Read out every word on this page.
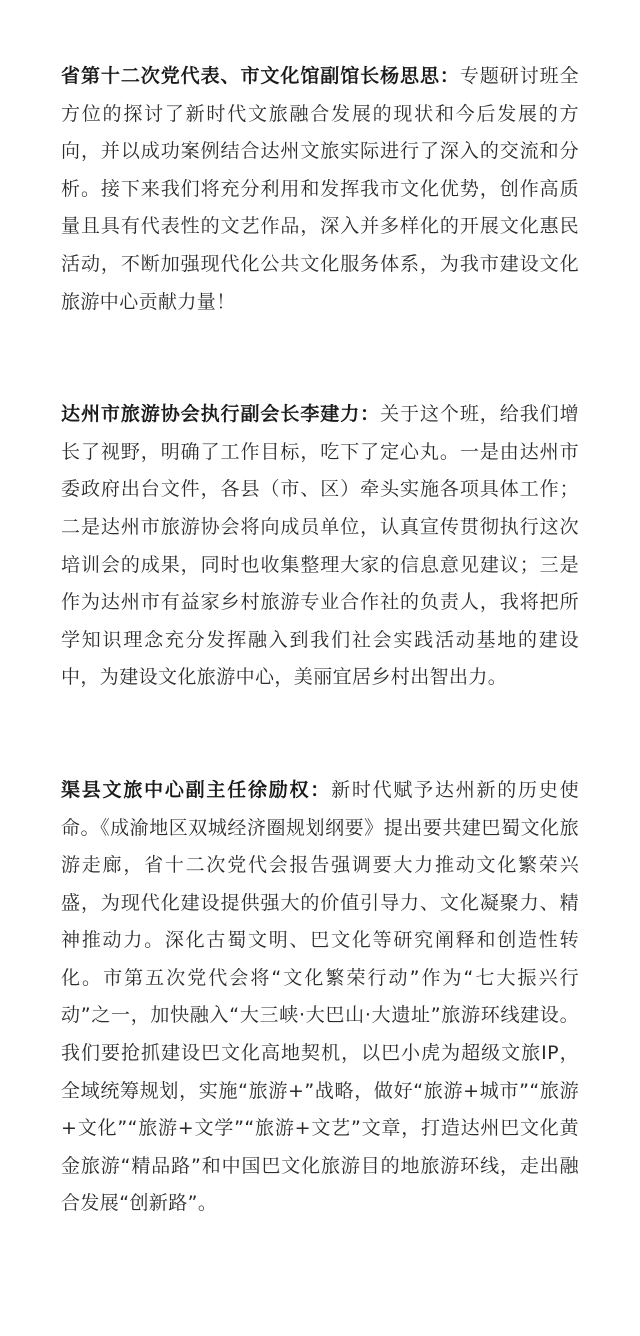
省第十二次党代表、市文化馆副馆长杨思思：专题研讨班全方位的探讨了新时代文旅融合发展的现状和今后发展的方向，并以成功案例结合达州文旅实际进行了深入的交流和分析。接下来我们将充分利用和发挥我市文化优势，创作高质量且具有代表性的文艺作品，深入并多样化的开展文化惠民活动，不断加强现代化公共文化服务体系，为我市建设文化旅游中心贡献力量！

达州市旅游协会执行副会长李建力：关于这个班，给我们增长了视野，明确了工作目标，吃下了定心丸。一是由达州市委政府出台文件，各县（市、区）牵头实施各项具体工作；二是达州市旅游协会将向成员单位，认真宣传贯彻执行这次培训会的成果，同时也收集整理大家的信息意见建议；三是作为达州市有益家乡村旅游专业合作社的负责人，我将把所学知识理念充分发挥融入到我们社会实践活动基地的建设中，为建设文化旅游中心，美丽宜居乡村出智出力。

渠县文旅中心副主任徐励权：新时代赋予达州新的历史使命。《成渝地区双城经济圈规划纲要》提出要共建巴蜀文化旅游走廊，省十二次党代会报告强调要大力推动文化繁荣兴盛，为现代化建设提供强大的价值引导力、文化凝聚力、精神推动力。深化古蜀文明、巴文化等研究阐释和创造性转化。市第五次党代会将“文化繁荣行动”作为“七大振兴行动”之一，加快融入“大三峡·大巴山·大遗址”旅游环线建设。我们要抢抓建设巴文化高地契机，以巴小虎为超级文旅IP，全域统筹规划，实施“旅游+”战略，做好“旅游+城市”“旅游+文化”“旅游+文学”“旅游+文艺”文章，打造达州巴文化黄金旅游“精品路”和中国巴文化旅游目的地旅游环线，走出融合发展“创新路”。
